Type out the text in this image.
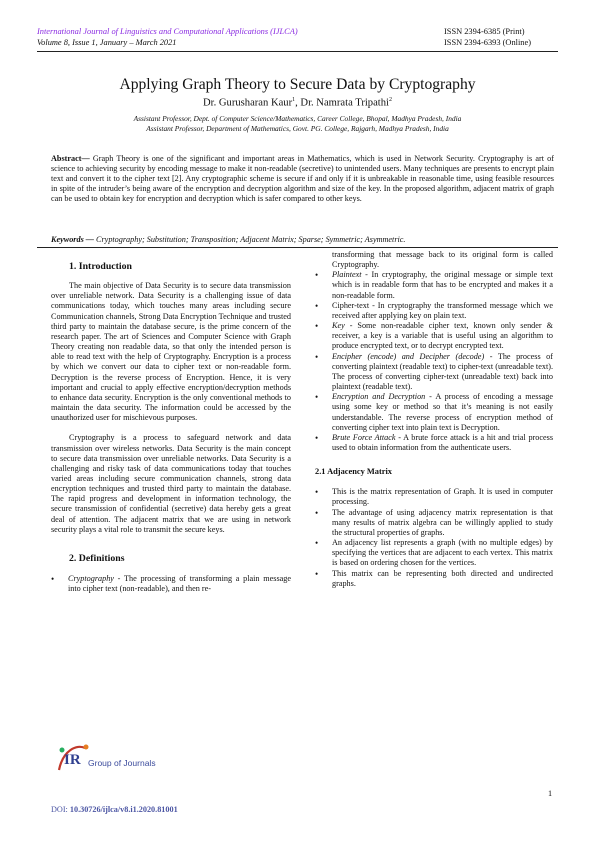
International Journal of Linguistics and Computational Applications (IJLCA)
Volume 8, Issue 1, January – March 2021
ISSN 2394-6385 (Print)
ISSN 2394-6393 (Online)
Applying Graph Theory to Secure Data by Cryptography
Dr. Gurusharan Kaur$^1$, Dr. Namrata Tripathi$^2$
Assistant Professor, Dept. of Computer Science/Mathematics, Career College, Bhopal, Madhya Pradesh, India
Assistant Professor, Department of Mathematics, Govt. PG. College, Rajgarh, Madhya Pradesh, India
Abstract— Graph Theory is one of the significant and important areas in Mathematics, which is used in Network Security. Cryptography is art of science to achieving security by encoding message to make it non-readable (secretive) to unintended users. Many techniques are presents to encrypt plain text and convert it to the cipher text [2]. Any cryptographic scheme is secure if and only if it is unbreakable in reasonable time, using feasible resources in spite of the intruder’s being aware of the encryption and decryption algorithm and size of the key. In the proposed algorithm, adjacent matrix of graph can be used to obtain key for encryption and decryption which is safer compared to other keys.
Keywords — Cryptography; Substitution; Transposition; Adjacent Matrix; Sparse; Symmetric; Asymmetric.
1. Introduction

The main objective of Data Security is to secure data transmission over unreliable network. Data Security is a challenging issue of data communications today, which touches many areas including secure Communication channels, Strong Data Encryption Technique and trusted third party to maintain the database secure, is the prime concern of the research paper. The art of Sciences and Computer Science with Graph Theory creating non readable data, so that only the intended person is able to read text with the help of Cryptography. Encryption is a process by which we convert our data to cipher text or non-readable form. Decryption is the reverse process of Encryption. Hence, it is very important and crucial to apply effective encryption/decryption methods to enhance data security. Encryption is the only conventional methods to maintain the data security. The information could be accessed by the unauthorized user for mischievous purposes.

Cryptography is a process to safeguard network and data transmission over wireless networks. Data Security is the main concept to secure data transmission over unreliable networks. Data Security is a challenging and risky task of data communications today that touches varied areas including secure communication channels, strong data encryption techniques and trusted third party to maintain the database. The rapid progress and development in information technology, the secure transmission of confidential (secretive) data hereby gets a great deal of attention. The adjacent matrix that we are using in network security plays a vital role to transmit the secure keys.

2. Definitions
• Cryptography - The processing of transforming a plain message into cipher text (non-readable), and then re-

transforming that message back to its original form is called Cryptography.

• Plaintext - In cryptography, the original message or simple text which is in readable form that has to be encrypted and makes it a non-readable form.
• Cipher-text - In cryptography the transformed message which we received after applying key on plain text.
• Key - Some non-readable cipher text, known only sender & receiver, a key is a variable that is useful using an algorithm to produce encrypted text, or to decrypt encrypted text.
• Encipher (encode) and Decipher (decode) - The process of converting plaintext (readable text) to cipher-text (unreadable text). The process of converting cipher-text (unreadable text) back into plaintext (readable text).
• Encryption and Decryption - A process of encoding a message using some key or method so that it’s meaning is not easily understandable. The reverse process of encryption method of converting cipher text into plain text is Decryption.
• Brute Force Attack - A brute force attack is a hit and trial process used to obtain information from the authenticate users.
2.1 Adjacency Matrix
• This is the matrix representation of Graph. It is used in computer processing.
• The advantage of using adjacency matrix representation is that many results of matrix algebra can be willingly applied to study the structural properties of graphs.
• An adjacency list represents a graph (with no multiple edges) by specifying the vertices that are adjacent to each vertex. This matrix is based on ordering chosen for the vertices.
• This matrix can be representing both directed and undirected graphs.
IR Group of Journals
DOI: 10.30726/ijlca/v8.i1.2020.81001
1
